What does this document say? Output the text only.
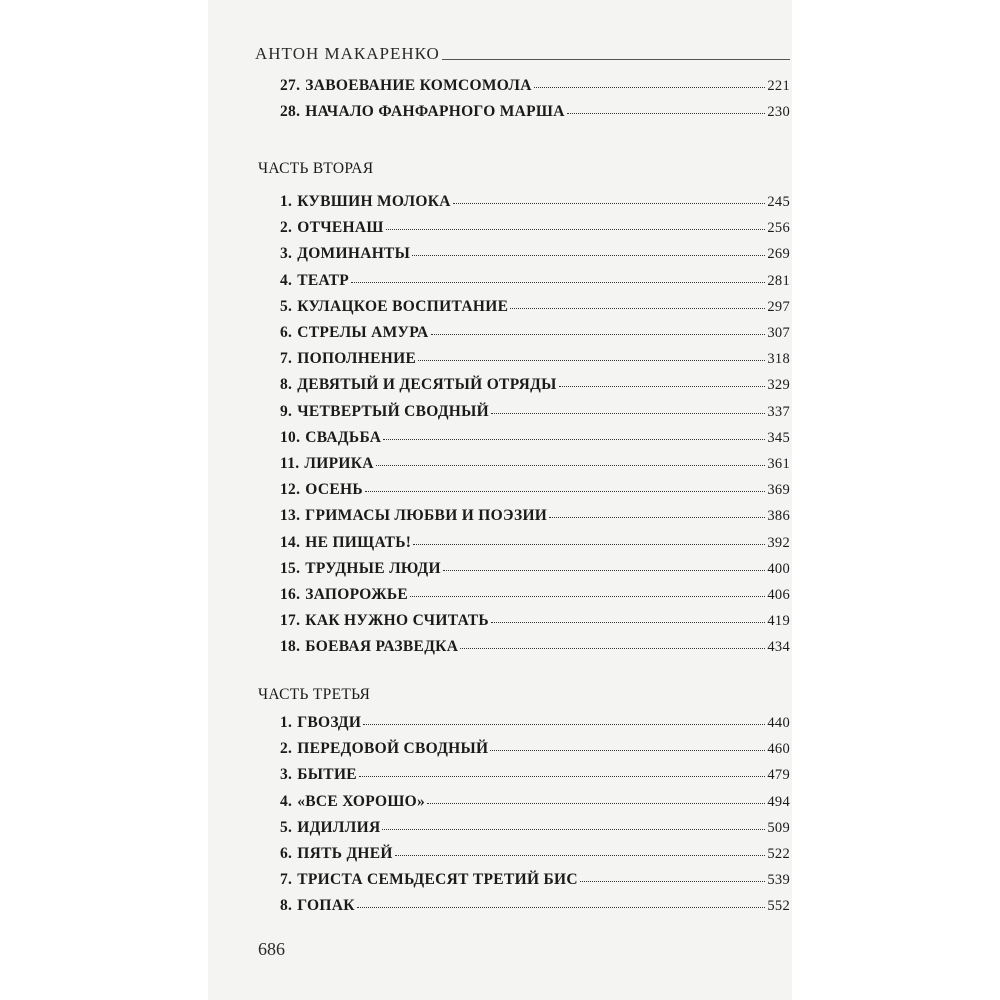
АНТОН МАКАРЕНКО
27. ЗАВОЕВАНИЕ КОМСОМОЛА	221
28. НАЧАЛО ФАНФАРНОГО МАРША	230
ЧАСТЬ ВТОРАЯ
1. КУВШИН МОЛОКА	245
2. ОТЧЕНАШ	256
3. ДОМИНАНТЫ	269
4. ТЕАТР	281
5. КУЛАЦКОЕ ВОСПИТАНИЕ	297
6. СТРЕЛЫ АМУРА	307
7. ПОПОЛНЕНИЕ	318
8. ДЕВЯТЫЙ И ДЕСЯТЫЙ ОТРЯДЫ	329
9. ЧЕТВЕРТЫЙ СВОДНЫЙ	337
10. СВАДЬБА	345
11. ЛИРИКА	361
12. ОСЕНЬ	369
13. ГРИМАСЫ ЛЮБВИ И ПОЭЗИИ	386
14. НЕ ПИЩАТЬ!	392
15. ТРУДНЫЕ ЛЮДИ	400
16. ЗАПОРОЖЬЕ	406
17. КАК НУЖНО СЧИТАТЬ	419
18. БОЕВАЯ РАЗВЕДКА	434
ЧАСТЬ ТРЕТЬЯ
1. ГВОЗДИ	440
2. ПЕРЕДОВОЙ СВОДНЫЙ	460
3. БЫТИЕ	479
4. «ВСЕ ХОРОШО»	494
5. ИДИЛЛИЯ	509
6. ПЯТЬ ДНЕЙ	522
7. ТРИСТА СЕМЬДЕСЯТ ТРЕТИЙ БИС	539
8. ГОПАК	552
686
